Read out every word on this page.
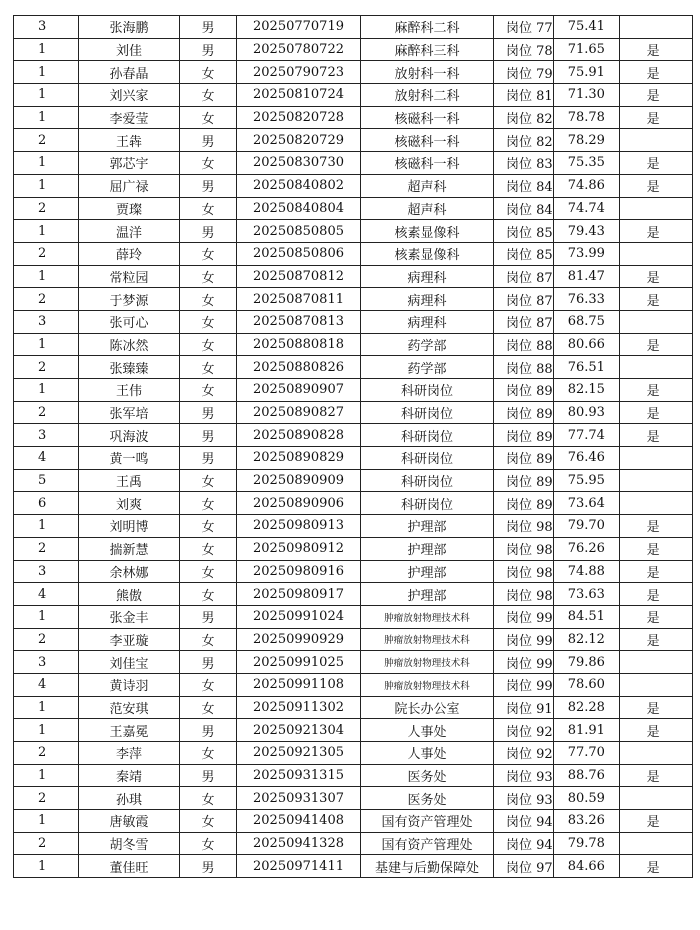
3	张海鹏	男	20250770719	麻醉科二科	岗位 77	75.41	
1	刘佳	男	20250780722	麻醉科三科	岗位 78	71.65	是
1	孙春晶	女	20250790723	放射科一科	岗位 79	75.91	是
1	刘兴家	女	20250810724	放射科二科	岗位 81	71.30	是
1	李爱莹	女	20250820728	核磁科一科	岗位 82	78.78	是
2	王犇	男	20250820729	核磁科一科	岗位 82	78.29	
1	郭芯宇	女	20250830730	核磁科一科	岗位 83	75.35	是
1	屈广禄	男	20250840802	超声科	岗位 84	74.86	是
2	贾璨	女	20250840804	超声科	岗位 84	74.74	
1	温洋	男	20250850805	核素显像科	岗位 85	79.43	是
2	薛玲	女	20250850806	核素显像科	岗位 85	73.99	
1	常粒园	女	20250870812	病理科	岗位 87	81.47	是
2	于梦源	女	20250870811	病理科	岗位 87	76.33	是
3	张可心	女	20250870813	病理科	岗位 87	68.75	
1	陈冰然	女	20250880818	药学部	岗位 88	80.66	是
2	张臻臻	女	20250880826	药学部	岗位 88	76.51	
1	王伟	女	20250890907	科研岗位	岗位 89	82.15	是
2	张军培	男	20250890827	科研岗位	岗位 89	80.93	是
3	巩海波	男	20250890828	科研岗位	岗位 89	77.74	是
4	黄一鸣	男	20250890829	科研岗位	岗位 89	76.46	
5	王禹	女	20250890909	科研岗位	岗位 89	75.95	
6	刘爽	女	20250890906	科研岗位	岗位 89	73.64	
1	刘明博	女	20250980913	护理部	岗位 98	79.70	是
2	揣新慧	女	20250980912	护理部	岗位 98	76.26	是
3	余林娜	女	20250980916	护理部	岗位 98	74.88	是
4	熊傲	女	20250980917	护理部	岗位 98	73.63	是
1	张金丰	男	20250991024	肿瘤放射物理技术科	岗位 99	84.51	是
2	李亚璇	女	20250990929	肿瘤放射物理技术科	岗位 99	82.12	是
3	刘佳宝	男	20250991025	肿瘤放射物理技术科	岗位 99	79.86	
4	黄诗羽	女	20250991108	肿瘤放射物理技术科	岗位 99	78.60	
1	范安琪	女	20250911302	院长办公室	岗位 91	82.28	是
1	王嘉冕	男	20250921304	人事处	岗位 92	81.91	是
2	李萍	女	20250921305	人事处	岗位 92	77.70	
1	秦靖	男	20250931315	医务处	岗位 93	88.76	是
2	孙琪	女	20250931307	医务处	岗位 93	80.59	
1	唐敏霞	女	20250941408	国有资产管理处	岗位 94	83.26	是
2	胡冬雪	女	20250941328	国有资产管理处	岗位 94	79.78	
1	董佳旺	男	20250971411	基建与后勤保障处	岗位 97	84.66	是
